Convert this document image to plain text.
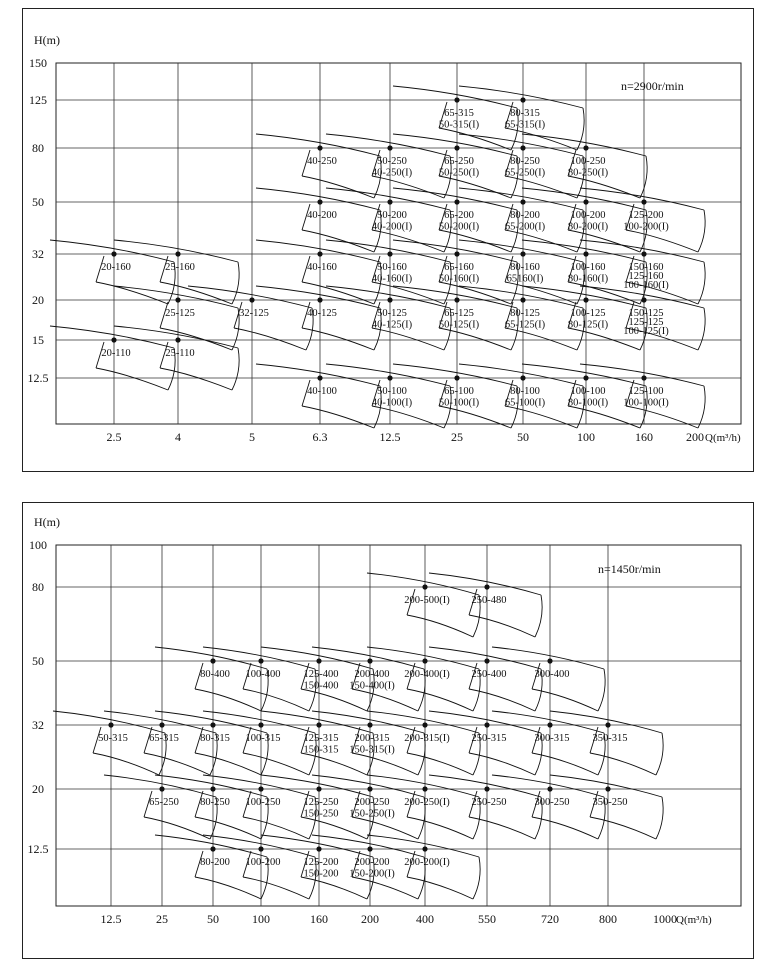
2.5	4	5	6.3	12.5	25	50	100	160	200
150
125
80
50
32
20
15
12.5
H(m)
Q(m³/h)
n=2900r/min
20-160	25-160
25-125	32-125
20-110	25-110
40-250
40-200
40-160
40-125
40-100
50-250
40-250(I)
50-200
40-200(I)
50-160
40-160(I)
50-125
40-125(I)
50-100
40-100(I)
65-315
50-315(I)
65-250
50-250(I)
65-200
50-200(I)
65-160
50-160(I)
65-125
50-125(I)
65-100
50-100(I)
80-315
65-315(I)
80-250
65-250(I)
80-200
65-200(I)
80-160
65160(I)
80-125
65-125(I)
80-100
65-100(I)
100-250
80-250(I)
100-200
80-200(I)
100-160
80-160(I)
100-125
80-125(I)
100-100
80-100(I)
125-200
100-200(I)
150-160
125-160
100-160(I)
150-125
125-125
100-125(I)
125-100
100-100(I)
12.5	25	50	100	160	200	400	550	720	800	1000
100
80
50
32
20
12.5
H(m)
Q(m³/h)
n=1450r/min
50-315 65-315
65-250
80-400
80-315
80-250
80-200
100-400
100-315
100-250
100-200
125-400
150-400
125-315
150-315
125-250
150-250
125-200
150-200
200-400
150-400(I)
200-315
150-315(I)
200-250
150-250(I)
200-200
150-200(I)
200-500(I)
200-400(I)
200-315(I)
200-250(I)
200-200(I)
250-480
250-400
250-315
250-250
300-400
300-315
300-250
350-315
350-250
